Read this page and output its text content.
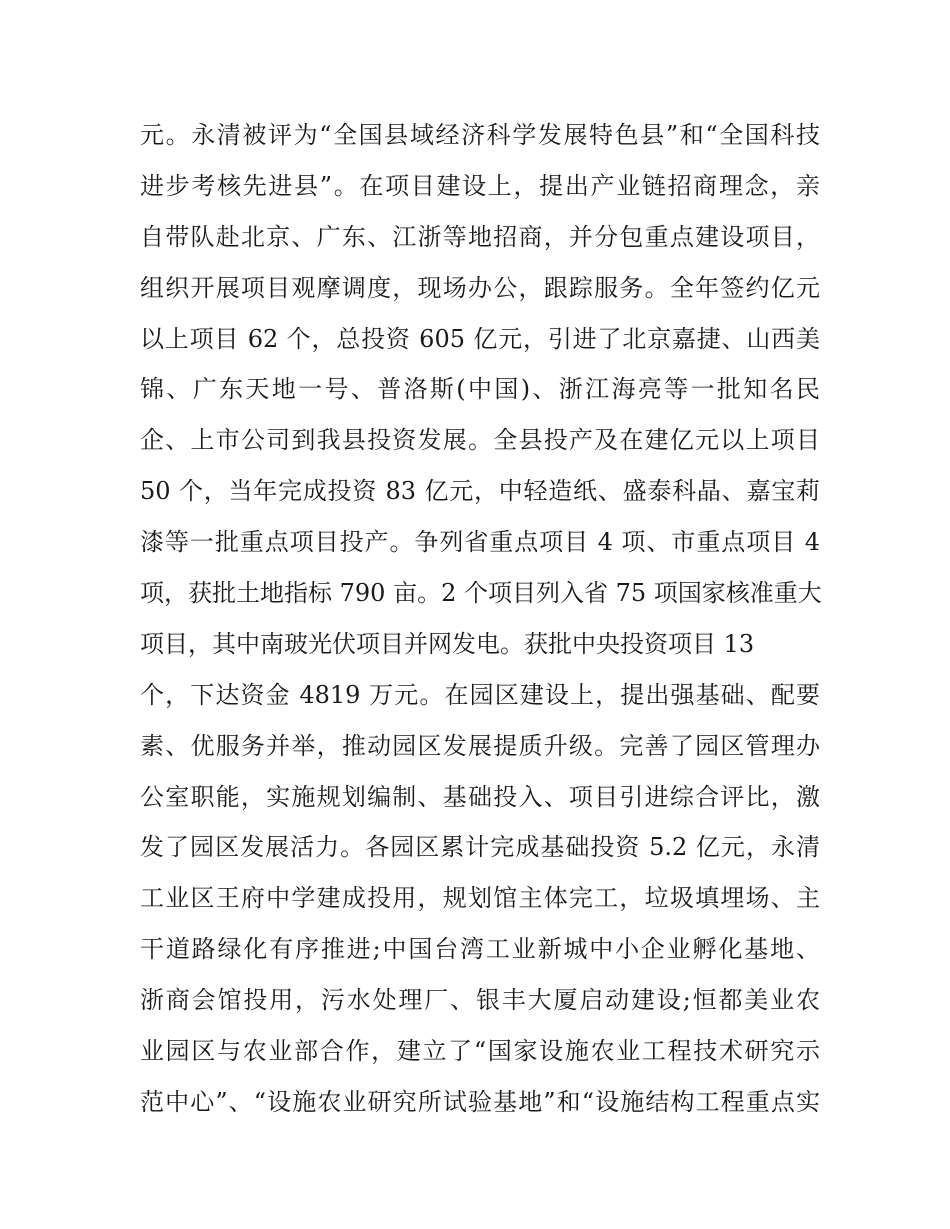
元。永清被评为“全国县域经济科学发展特色县”和“全国科技
进步考核先进县”。在项目建设上，提出产业链招商理念，亲
自带队赴北京、广东、江浙等地招商，并分包重点建设项目，
组织开展项目观摩调度，现场办公，跟踪服务。全年签约亿元
以上项目 62 个，总投资 605 亿元，引进了北京嘉捷、山西美
锦、广东天地一号、普洛斯(中国)、浙江海亮等一批知名民
企、上市公司到我县投资发展。全县投产及在建亿元以上项目
50 个，当年完成投资 83 亿元，中轻造纸、盛泰科晶、嘉宝莉
漆等一批重点项目投产。争列省重点项目 4 项、市重点项目 4
项，获批土地指标 790 亩。2 个项目列入省 75 项国家核准重大
项目，其中南玻光伏项目并网发电。获批中央投资项目 13
个，下达资金 4819 万元。在园区建设上，提出强基础、配要
素、优服务并举，推动园区发展提质升级。完善了园区管理办
公室职能，实施规划编制、基础投入、项目引进综合评比，激
发了园区发展活力。各园区累计完成基础投资 5.2 亿元，永清
工业区王府中学建成投用，规划馆主体完工，垃圾填埋场、主
干道路绿化有序推进;中国台湾工业新城中小企业孵化基地、
浙商会馆投用，污水处理厂、银丰大厦启动建设;恒都美业农
业园区与农业部合作，建立了“国家设施农业工程技术研究示
范中心”、“设施农业研究所试验基地”和“设施结构工程重点实
